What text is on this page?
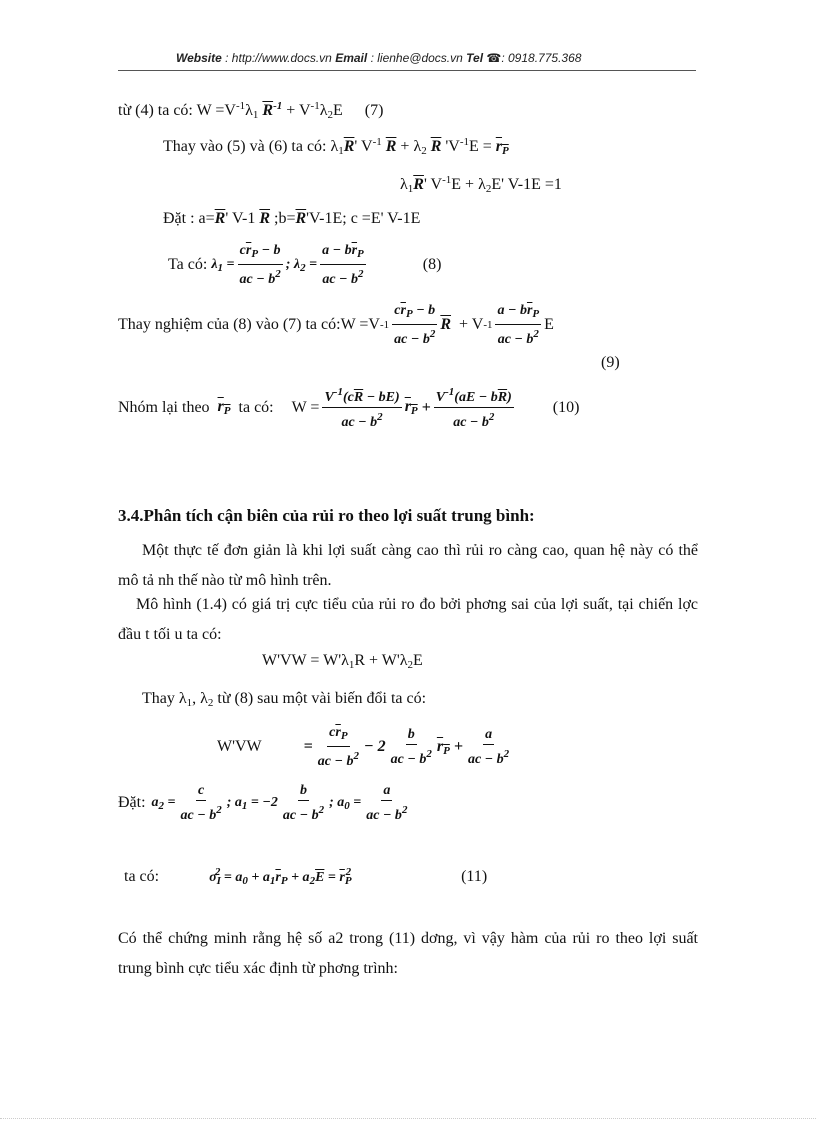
Website : http://www.docs.vn Email : lienhe@docs.vn Tel ☎: 0918.775.368
từ (4) ta có: $W =V^{-1}\lambda_1$ $\overline{R}^{-1} + V^{-1}\lambda_2E$ (7)
Thay vào (5) và (6) ta có: $\lambda_1\overline{R}'$ $V^{-1}$ $\overline{R} + \lambda_2$ $\overline{R}$ '$V^{-1}E = r_P$
$\lambda_1\overline{R}'$ $V^{-1}E + \lambda_2E'$ V-1E =1
Đặt : $a=\overline{R}'$ V-1 $\overline{R}$ $;b=\overline{R}'V-1E$; c =E' V-1E
Ta có: $\lambda_1 = \frac{c\overline{r}_P - b}{ac - b^2}$ ; $\lambda_2 = \frac{a - b\overline{r}_P}{ac - b^2}$	(8)
Thay nghiệm của (8) vào (7) ta có:W =V $-1 \frac{c\overline{r}_P - b}{ac - b^2} \overline{R} + V$ $-1 \frac{a - b\overline{r}_P}{ac - b^2}$ E
(9)
Nhóm lại theo $r_P$ ta có: $W = \frac{V^{-1}(c\overline{R} - bE)}{ac - b^2} r_P + \frac{V^{-1}(aE - b\overline{R})}{ac - b^2} (10)$
3.4.Phân tích cận biên của rủi ro theo lợi suất trung bình:
Một thực tế đơn giản là khi lợi suất càng cao thì rủi ro càng cao, quan hệ này có thể mô tả nh thế nào từ mô hình trên.
Mô hình (1.4) có giá trị cực tiểu của rủi ro đo bởi phơng sai của lợi suất, tại chiến lợc đầu t tối u ta có:
$W'VW = W'\lambda_1R + W'\lambda_2E$
Thay $\lambda_1$, $\lambda_2$ từ (8) sau một vài biến đổi ta có:
W'VW	= $\frac{c\overline{r}_P}{ac - b^2} - 2 \frac{b}{ac - b^2} r_P + \frac{a}{ac - b^2}$
Đặt: $a_2 = \frac{c}{ac - b^2}$ ; $a_1 = -2 \frac{b}{ac - b^2}$ ; $a_0 = \frac{a}{ac - b^2}$
ta có:	$\sigma_I^2 = a_0 + a_1\overline{r}_P + a_2\overline{E} = \overline{r}_P^2$	(11)
Có thể chứng minh rằng hệ số a2 trong (11) dơng, vì vậy hàm của rủi ro theo lợi suất trung bình cực tiểu xác định từ phơng trình:
